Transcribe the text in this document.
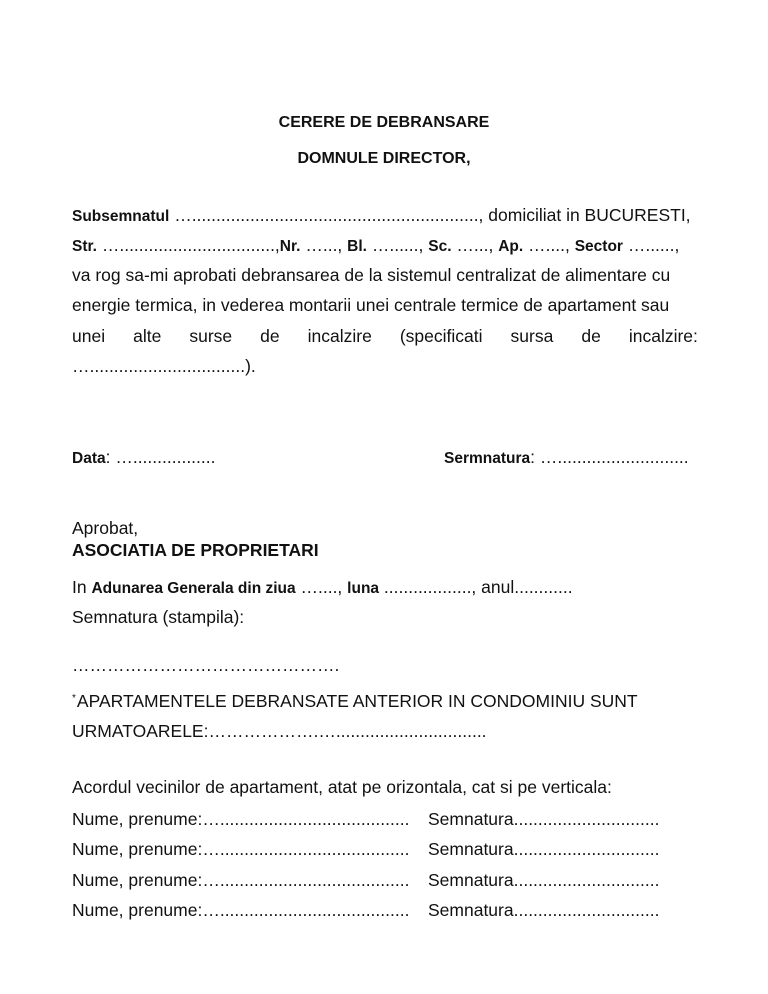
CERERE DE DEBRANSARE
DOMNULE DIRECTOR,
Subsemnatul …..........................................................., domiciliat in BUCURESTI,
Str. …................................,Nr. …..., Bl. …......, Sc. …..., Ap. …...., Sector …......,
va rog sa-mi aprobati debransarea de la sistemul centralizat de alimentare cu
energie termica, in vederea montarii unei centrale termice de apartament sau
unei alte surse de incalzire (specificati sursa de incalzire:
…................................).
Data: ….................	Sermnatura: …...........................
Aprobat,
ASOCIATIA DE PROPRIETARI
In Adunarea Generala din ziua …...., luna .................., anul............
Semnatura (stampila):
……………………………………….
*APARTAMENTELE DEBRANSATE ANTERIOR IN CONDOMINIU SUNT
URMATOARELE:……………….…...............................
Acordul vecinilor de apartament, atat pe orizontala, cat si pe verticala:
Nume, prenume:…....................................... Semnatura..............................
Nume, prenume:…....................................... Semnatura..............................
Nume, prenume:…....................................... Semnatura..............................
Nume, prenume:…....................................... Semnatura..............................
